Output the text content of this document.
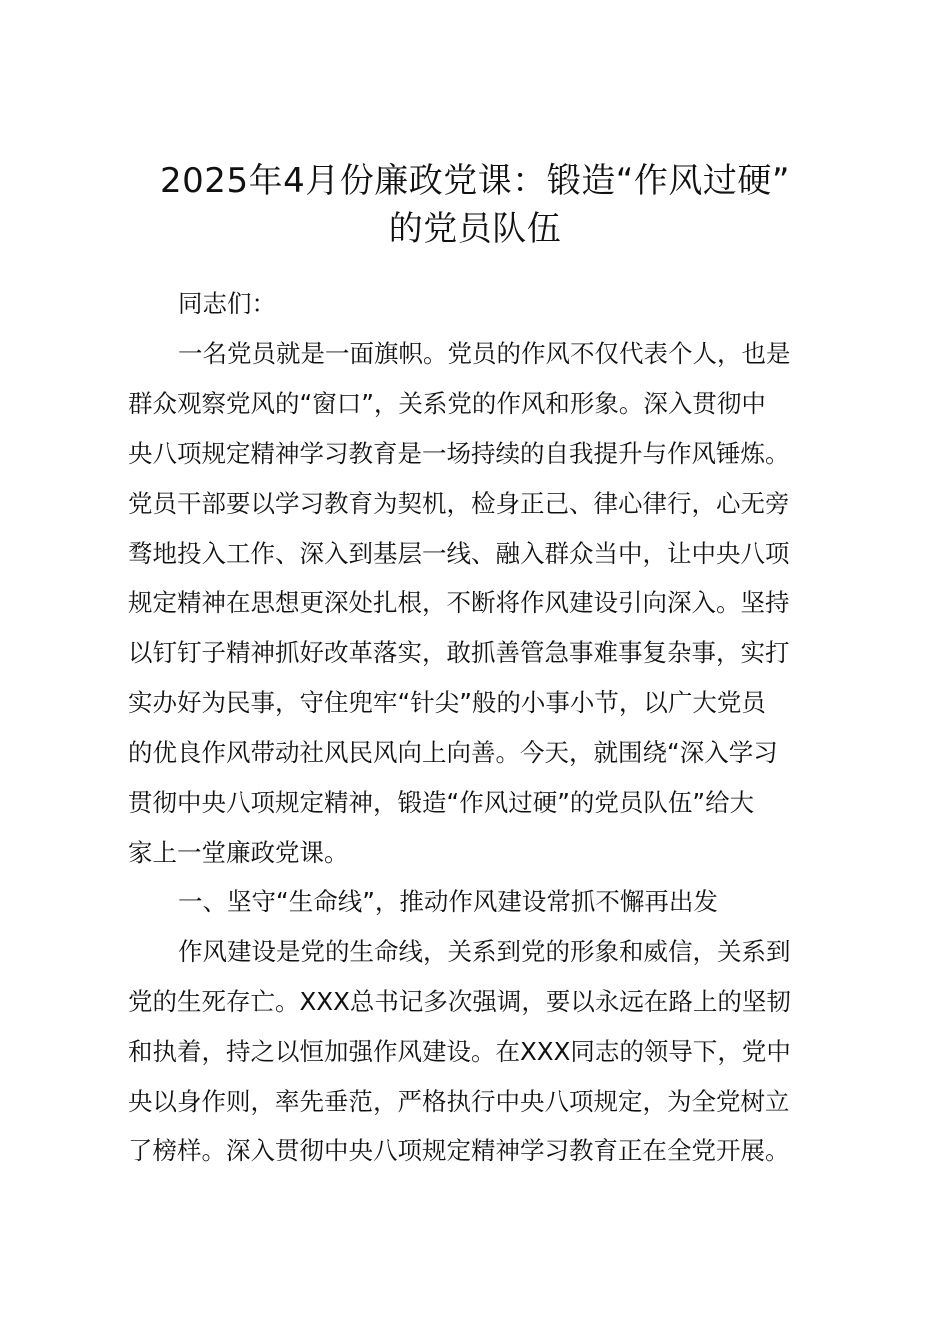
2025年4月份廉政党课：锻造“作风过硬”
的党员队伍

同志们：

一名党员就是一面旗帜。党员的作风不仅代表个人，也是

群众观察党风的“窗口”，关系党的作风和形象。深入贯彻中

央八项规定精神学习教育是一场持续的自我提升与作风锤炼。

党员干部要以学习教育为契机，检身正己、律心律行，心无旁

骛地投入工作、深入到基层一线、融入群众当中，让中央八项

规定精神在思想更深处扎根，不断将作风建设引向深入。坚持

以钉钉子精神抓好改革落实，敢抓善管急事难事复杂事，实打

实办好为民事，守住兜牢“针尖”般的小事小节，以广大党员

的优良作风带动社风民风向上向善。今天，就围绕“深入学习

贯彻中央八项规定精神，锻造“作风过硬”的党员队伍”给大

家上一堂廉政党课。

一、坚守“生命线”，推动作风建设常抓不懈再出发

作风建设是党的生命线，关系到党的形象和威信，关系到

党的生死存亡。XXX总书记多次强调，要以永远在路上的坚韧

和执着，持之以恒加强作风建设。在XXX同志的领导下，党中

央以身作则，率先垂范，严格执行中央八项规定，为全党树立

了榜样。深入贯彻中央八项规定精神学习教育正在全党开展。
